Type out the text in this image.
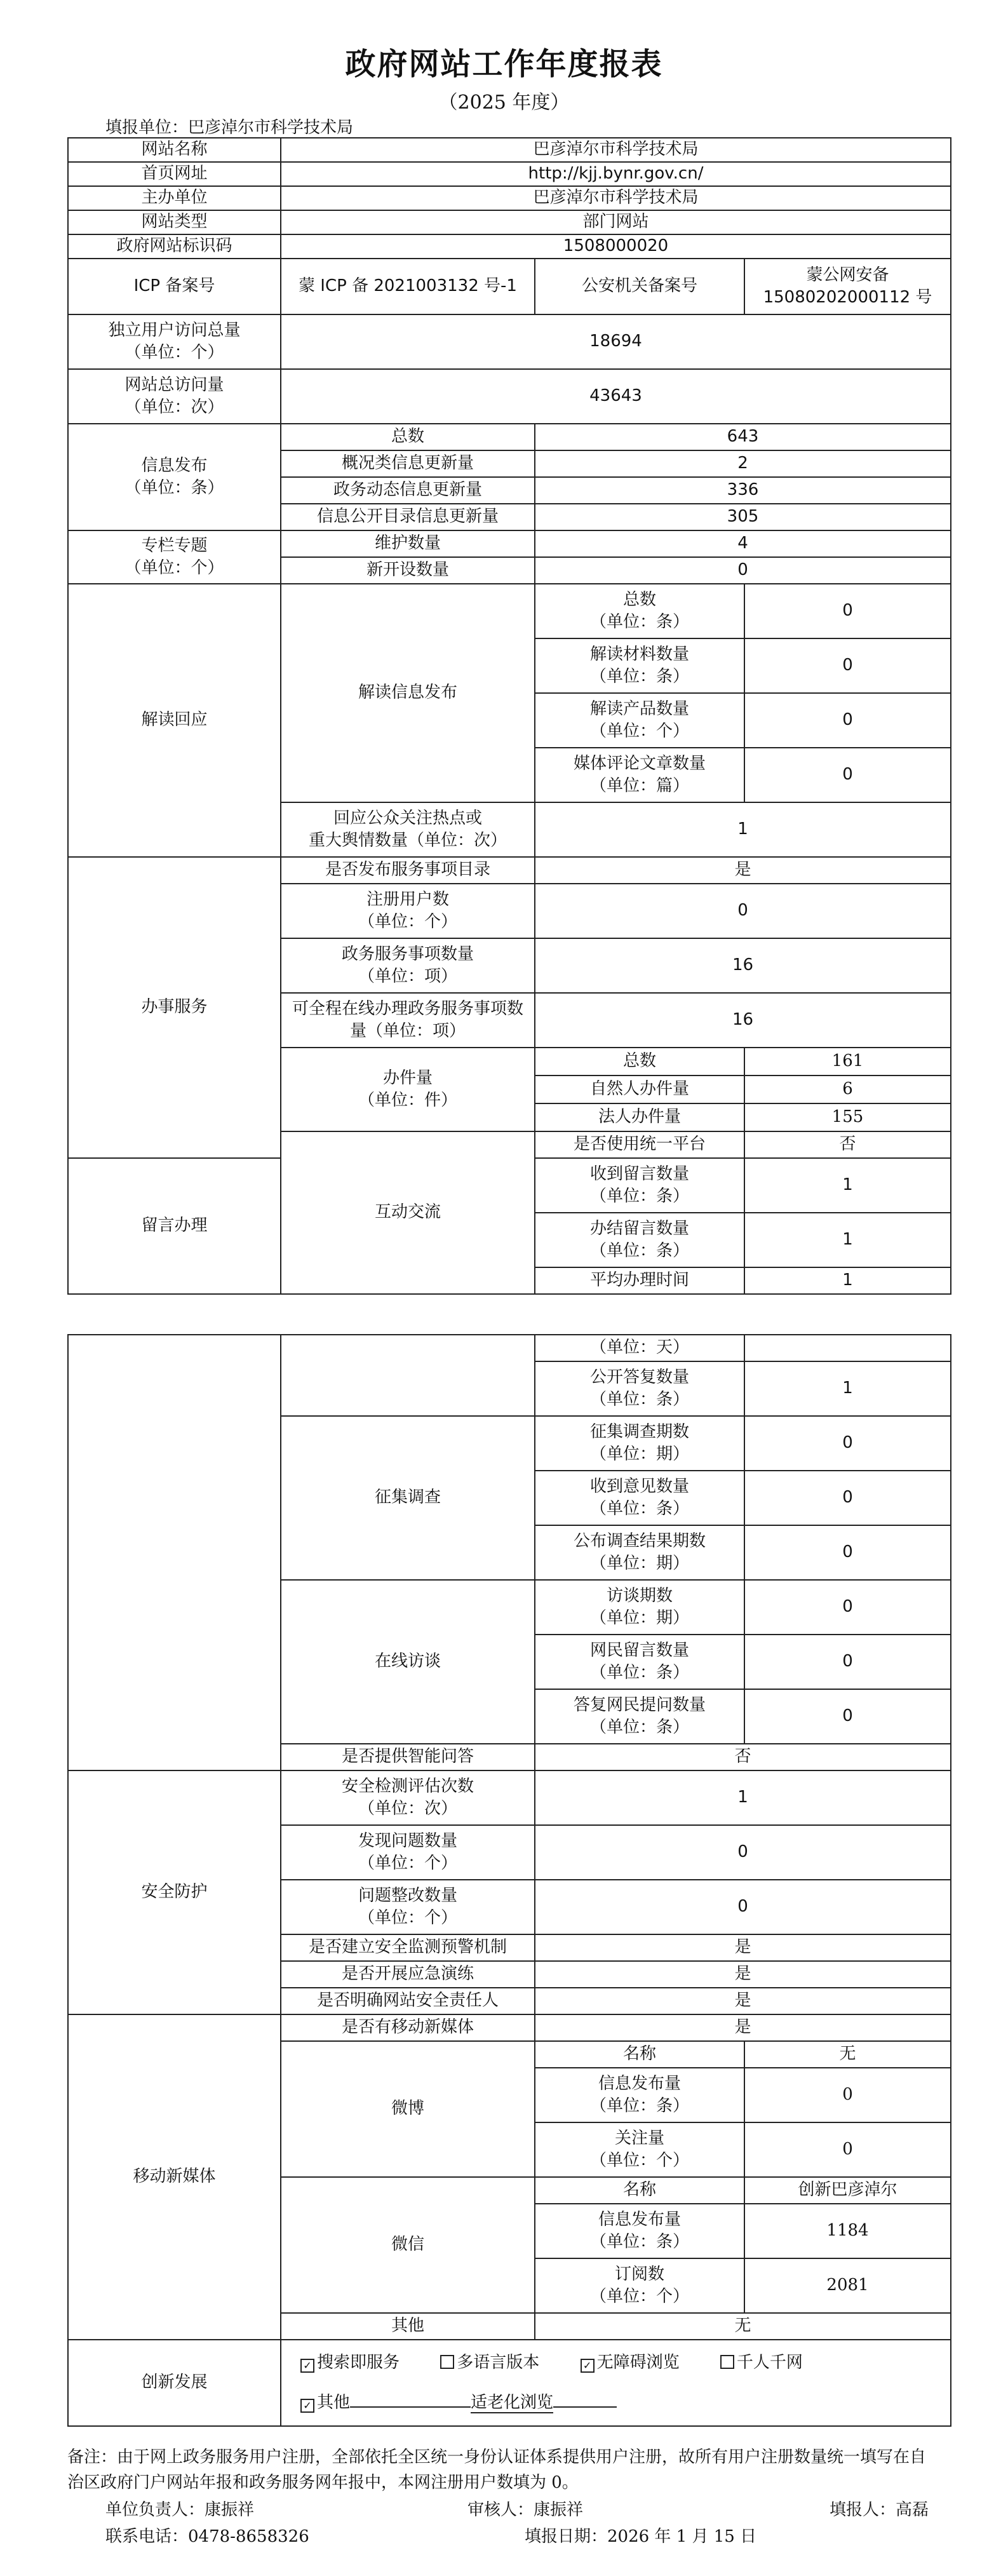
政府网站工作年度报表
（2025 年度）
填报单位：巴彦淖尔市科学技术局
网站名称	巴彦淖尔市科学技术局		
首页网址	http://kjj.bynr.gov.cn/		
主办单位	巴彦淖尔市科学技术局		
网站类型	部门网站		
政府网站标识码	1508000020		
ICP 备案号	蒙 ICP 备 2021003132 号-1	公安机关备案号	蒙公网安备
15080202000112 号

独立用户访问总量
（单位：个）	18694		

网站总访问量
（单位：次）	43643		

信息发布
（单位：条）	总数	643	
	概况类信息更新量	2	
	政务动态信息更新量	336	
	信息公开目录信息更新量	305	

专栏专题
（单位：个）	维护数量	4	
	新开设数量	0	
解读回应	解读信息发布	总数
（单位：条）	0

		解读材料数量
（单位：条）	0

		解读产品数量
（单位：个）	0

		媒体评论文章数量
（单位：篇）	0

	回应公众关注热点或
重大舆情数量（单位：次）	1	
办事服务	是否发布服务事项目录	是	

	注册用户数
（单位：个）	0	

	政务服务事项数量
（单位：项）	16	

	可全程在线办理政务服务事项数
量（单位：项）	16	

	办件量
（单位：件）	总数	161
		自然人办件量	6
		法人办件量	155
	互动交流	是否使用统一平台	否
留言办理		收到留言数量
（单位：条）	1

		办结留言数量
（单位：条）	1
		平均办理时间	1
		（单位：天）	

		公开答复数量
（单位：条）	1
	征集调查	征集调查期数
（单位：期）	0

		收到意见数量
（单位：条）	0

		公布调查结果期数
（单位：期）	0
	在线访谈	访谈期数
（单位：期）	0

		网民留言数量
（单位：条）	0

		答复网民提问数量
（单位：条）	0
	是否提供智能问答	否	
安全防护	安全检测评估次数
（单位：次）	1	

	发现问题数量
（单位：个）	0	

	问题整改数量
（单位：个）	0	
	是否建立安全监测预警机制	是	
	是否开展应急演练	是	
	是否明确网站安全责任人	是	
移动新媒体	是否有移动新媒体	是	
	微博	名称	无

		信息发布量
（单位：条）	0

		关注量
（单位：个）	0
	微信	名称	创新巴彦淖尔

		信息发布量
（单位：条）	1184

		订阅数
（单位：个）	2081
	其他	无	
创新发展	✓ 搜索即服务 多语言版本 ✓ 无障碍浏览 千人千网
✓ 其他 适老化浏览		
备注：由于网上政务服务用户注册，全部依托全区统一身份认证体系提供用户注册，故所有用户注册数量统一填写在自
治区政府门户网站年报和政务服务网年报中，本网注册用户数填为 0。
单位负责人：康振祥	审核人：康振祥	填报人：高磊
联系电话：0478-8658326	填报日期：2026 年 1 月 15 日
